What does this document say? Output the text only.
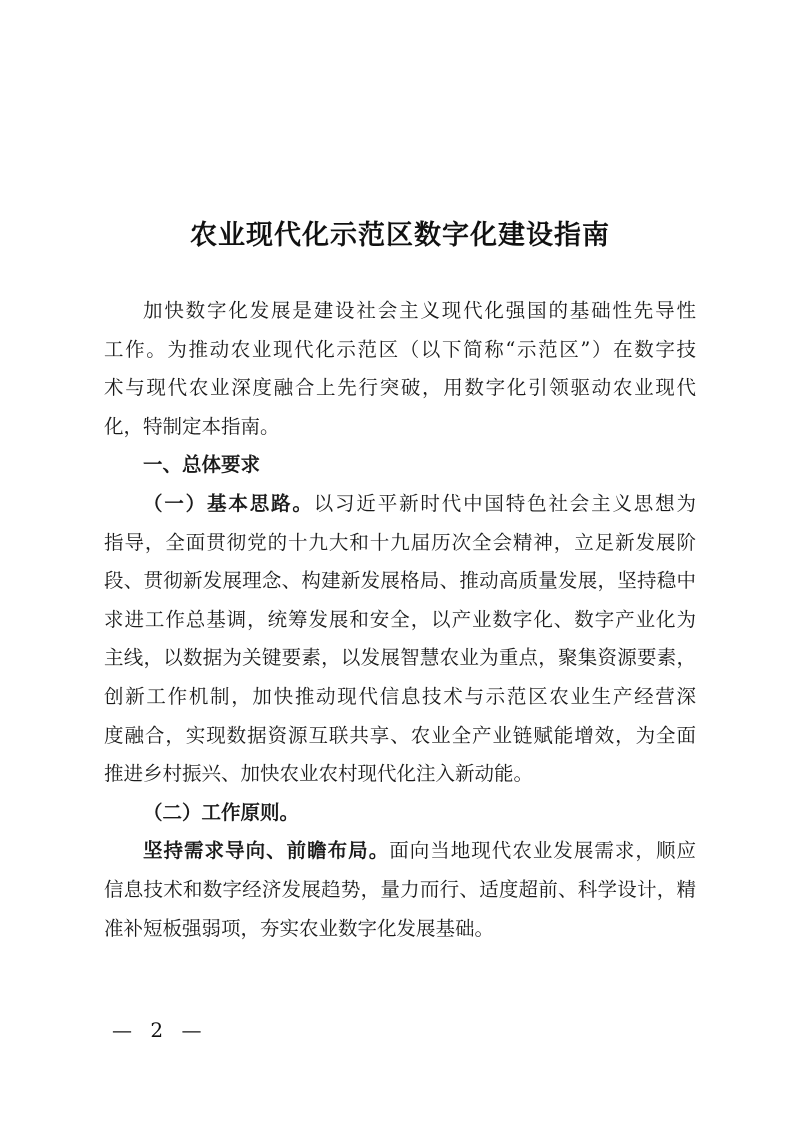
农业现代化示范区数字化建设指南

加快数字化发展是建设社会主义现代化强国的基础性先导性
工作。为推动农业现代化示范区（以下简称“示范区”）在数字技
术与现代农业深度融合上先行突破，用数字化引领驱动农业现代
化，特制定本指南。

一、总体要求

（一）基本思路。以习近平新时代中国特色社会主义思想为
指导，全面贯彻党的十九大和十九届历次全会精神，立足新发展阶
段、贯彻新发展理念、构建新发展格局、推动高质量发展，坚持稳中
求进工作总基调，统筹发展和安全，以产业数字化、数字产业化为
主线，以数据为关键要素，以发展智慧农业为重点，聚集资源要素，
创新工作机制，加快推动现代信息技术与示范区农业生产经营深
度融合，实现数据资源互联共享、农业全产业链赋能增效，为全面
推进乡村振兴、加快农业农村现代化注入新动能。

（二）工作原则。

坚持需求导向、前瞻布局。面向当地现代农业发展需求，顺应
信息技术和数字经济发展趋势，量力而行、适度超前、科学设计，精
准补短板强弱项，夯实农业数字化发展基础。

— 2 —
